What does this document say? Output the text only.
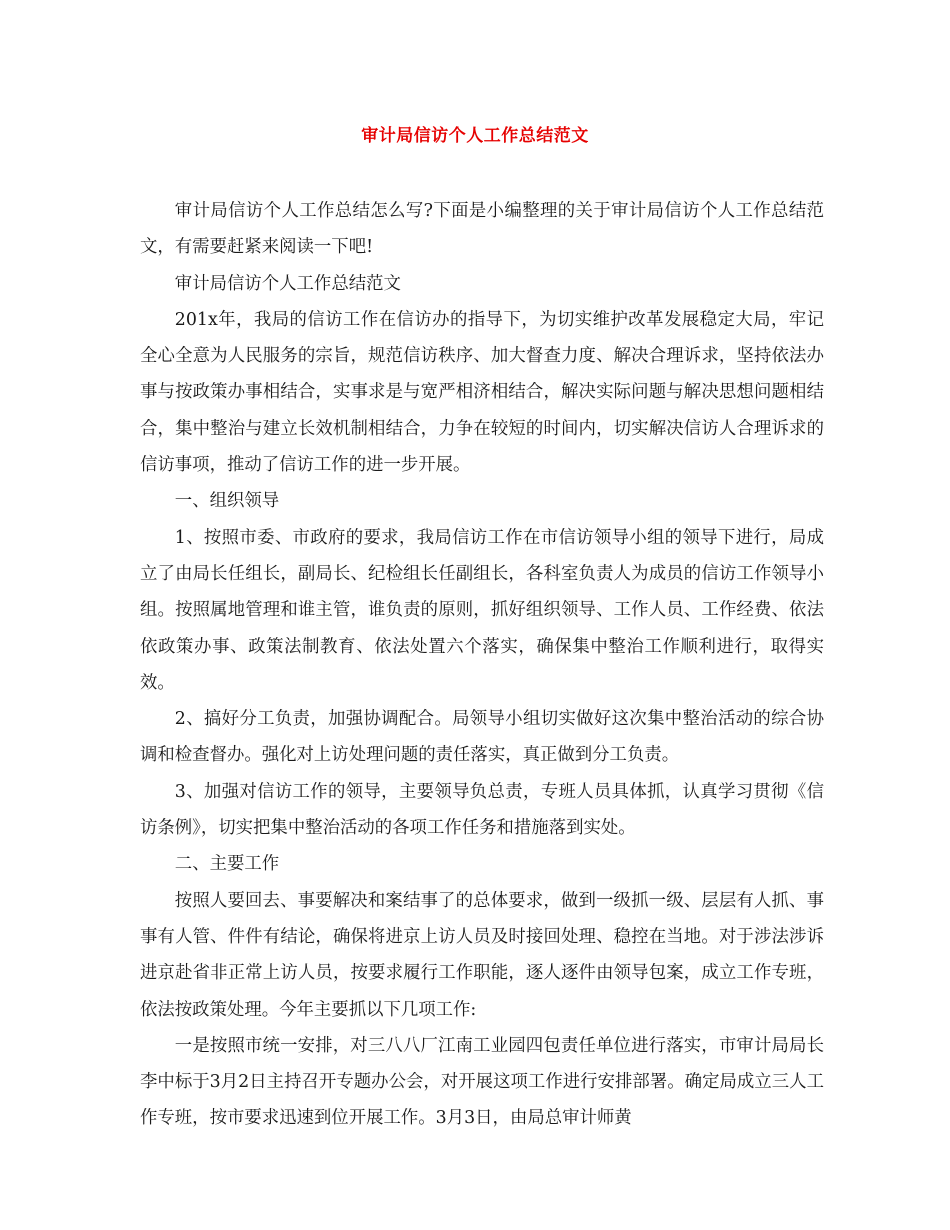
审计局信访个人工作总结范文

审计局信访个人工作总结怎么写?下面是小编整理的关于审计局信访个人工作总结范文，有需要赶紧来阅读一下吧!

审计局信访个人工作总结范文

201x年，我局的信访工作在信访办的指导下，为切实维护改革发展稳定大局，牢记全心全意为人民服务的宗旨，规范信访秩序、加大督查力度、解决合理诉求，坚持依法办事与按政策办事相结合，实事求是与宽严相济相结合，解决实际问题与解决思想问题相结合，集中整治与建立长效机制相结合，力争在较短的时间内，切实解决信访人合理诉求的信访事项，推动了信访工作的进一步开展。

一、组织领导

1、按照市委、市政府的要求，我局信访工作在市信访领导小组的领导下进行，局成立了由局长任组长，副局长、纪检组长任副组长，各科室负责人为成员的信访工作领导小组。按照属地管理和谁主管，谁负责的原则，抓好组织领导、工作人员、工作经费、依法依政策办事、政策法制教育、依法处置六个落实，确保集中整治工作顺利进行，取得实效。

2、搞好分工负责，加强协调配合。局领导小组切实做好这次集中整治活动的综合协调和检查督办。强化对上访处理问题的责任落实，真正做到分工负责。

3、加强对信访工作的领导，主要领导负总责，专班人员具体抓，认真学习贯彻《信访条例》，切实把集中整治活动的各项工作任务和措施落到实处。

二、主要工作

按照人要回去、事要解决和案结事了的总体要求，做到一级抓一级、层层有人抓、事事有人管、件件有结论，确保将进京上访人员及时接回处理、稳控在当地。对于涉法涉诉进京赴省非正常上访人员，按要求履行工作职能，逐人逐件由领导包案，成立工作专班，依法按政策处理。今年主要抓以下几项工作:

一是按照市统一安排，对三八八厂江南工业园四包责任单位进行落实，市审计局局长李中标于3月2日主持召开专题办公会，对开展这项工作进行安排部署。确定局成立三人工作专班，按市要求迅速到位开展工作。3月3日，由局总审计师黄
